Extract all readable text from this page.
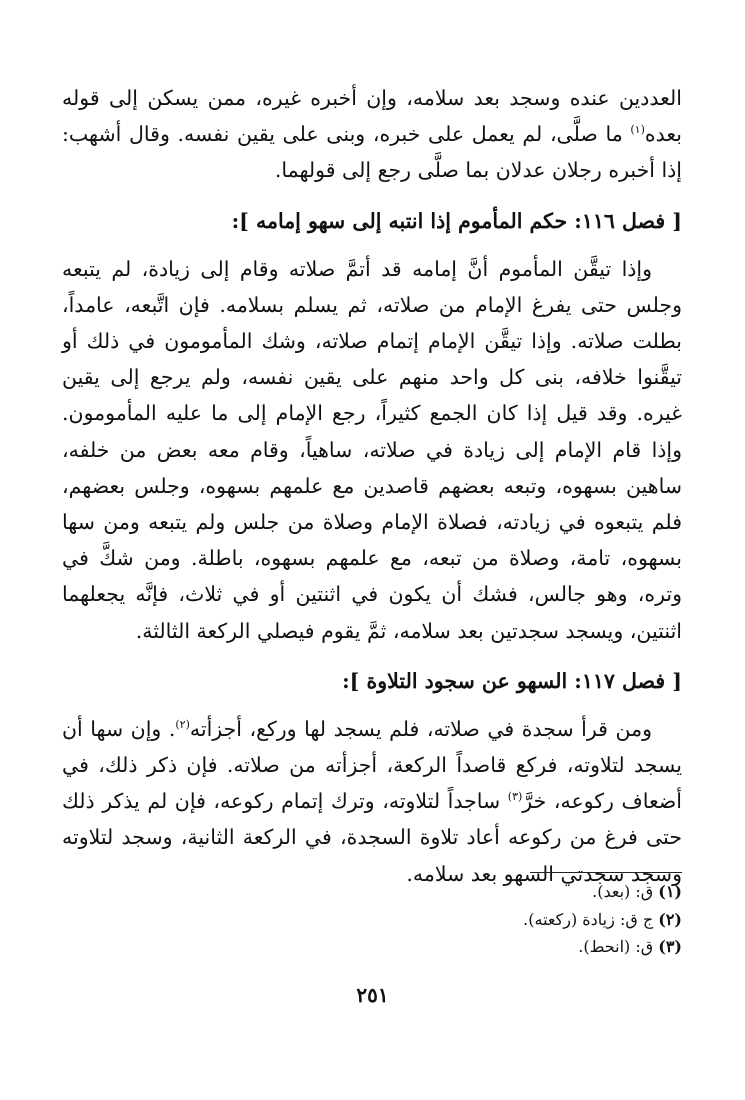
العددين عنده وسجد بعد سلامه، وإن أخبره غيره، ممن يسكن إلى قوله بعده$^{(١)}$ ما صلَّى، لم يعمل على خبره، وبنى على يقين نفسه. وقال أشهب: إذا أخبره رجلان عدلان بما صلَّى رجع إلى قولهما.

[ فصل ١١٦: حكم المأموم إذا انتبه إلى سهو إمامه ]:

وإذا تيقَّن المأموم أنَّ إمامه قد أتمَّ صلاته وقام إلى زيادة، لم يتبعه وجلس حتى يفرغ الإمام من صلاته، ثم يسلم بسلامه. فإن اتَّبعه، عامداً، بطلت صلاته. وإذا تيقَّن الإمام إتمام صلاته، وشك المأمومون في ذلك أو تيقَّنوا خلافه، بنى كل واحد منهم على يقين نفسه، ولم يرجع إلى يقين غيره. وقد قيل إذا كان الجمع كثيراً، رجع الإمام إلى ما عليه المأمومون. وإذا قام الإمام إلى زيادة في صلاته، ساهياً، وقام معه بعض من خلفه، ساهين بسهوه، وتبعه بعضهم قاصدين مع علمهم بسهوه، وجلس بعضهم، فلم يتبعوه في زيادته، فصلاة الإمام وصلاة من جلس ولم يتبعه ومن سها بسهوه، تامة، وصلاة من تبعه، مع علمهم بسهوه، باطلة. ومن شكَّ في وتره، وهو جالس، فشك أن يكون في اثنتين أو في ثلاث، فإنَّه يجعلهما اثنتين، ويسجد سجدتين بعد سلامه، ثمَّ يقوم فيصلي الركعة الثالثة.

[ فصل ١١٧: السهو عن سجود التلاوة ]:

ومن قرأ سجدة في صلاته، فلم يسجد لها وركع، أجزأته$^{(٢)}$. وإن سها أن يسجد لتلاوته، فركع قاصداً الركعة، أجزأته من صلاته. فإن ذكر ذلك، في أضعاف ركوعه، خرَّ$^{(٣)}$ ساجداً لتلاوته، وترك إتمام ركوعه، فإن لم يذكر ذلك حتى فرغ من ركوعه أعاد تلاوة السجدة، في الركعة الثانية، وسجد لتلاوته وسجد سجدتي السهو بعد سلامه.

(١) ق: (بعد).
(٢) ج ق: زيادة (ركعته).
(٣) ق: (انحط).
٢٥١
